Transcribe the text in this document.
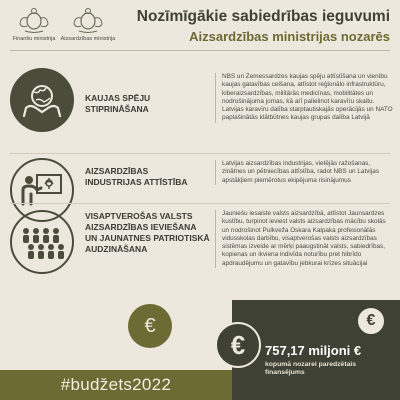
Finanšu ministrija Aizsardzības ministrija
Nozīmīgākie sabiedrības ieguvumi
Aizsardzības ministrijas nozarēs
KAUJAS SPĒJU STIPRINĀŠANA
NBS un Zemessardzes kaujas spēju attīstīšana un vienību kaujas gatavības celšana, attīstot reģionālo infrastruktūru, kiberaizsardzības, militārās medicīnas, mobilitātes un nodrošinājuma jomas, kā arī palielinot karavīru skaitu. Latvijas karavīru dalība starptautiskajās operācijās un NATO paplašinātās klātbūtnes kaujas grupas dalība Latvijā
AIZSARDZĪBAS INDUSTRIJAS ATTĪSTĪBA
Latvijas aizsardzības industrijas, vietējās ražošanas, zinātnes un pētniecības attīstība, radot NBS un Latvijas apstākļiem piemērotus ekipējuma risinājumus
VISAPTVEROŠAS VALSTS AIZSARDZĪBAS IEVIEŠANA UN JAUNATNES PATRIOTISKĀ AUDZINĀŠANA
Jauniešu iesaiste valsts aizsardzībā, attīstot Jaunsardzes kustību, turpinot ieviest valsts aizsardzības mācību skolās un nodrošinot Pulkveža Oskara Kalpaka profesionālās vidusskolas darbību, visaptverošas valsts aizsardzības sistēmas izveide ar mērķi paaugstināt valsts, sabiedrības, kopienas un ikviena indivīda noturību pret hibrīdo apdraudējumu un gatavību jebkurai krīzes situācijai
€	€
€ 757,17 miljoni €
kopumā nozarei paredzētais finansējums
#budžets2022
